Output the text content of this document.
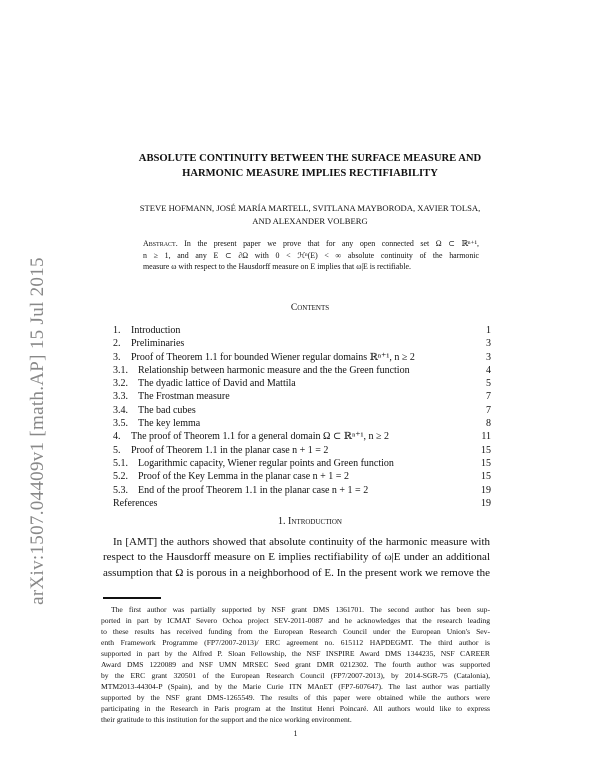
arXiv:1507.04409v1 [math.AP] 15 Jul 2015
ABSOLUTE CONTINUITY BETWEEN THE SURFACE MEASURE AND
HARMONIC MEASURE IMPLIES RECTIFIABILITY
STEVE HOFMANN, JOSÉ MARÍA MARTELL, SVITLANA MAYBORODA, XAVIER TOLSA,
AND ALEXANDER VOLBERG
Abstract. In the present paper we prove that for any open connected set Ω ⊂ ℝⁿ⁺¹,
n ≥ 1, and any E ⊂ ∂Ω with 0 < ℋⁿ(E) < ∞ absolute continuity of the harmonic
measure ω with respect to the Hausdorff measure on E implies that ω|E is rectifiable.
Contents
1. Introduction	1
2. Preliminaries	3
3. Proof of Theorem 1.1 for bounded Wiener regular domains ℝⁿ⁺¹, n ≥ 2	3
3.1. Relationship between harmonic measure and the the Green function	4
3.2. The dyadic lattice of David and Mattila	5
3.3. The Frostman measure	7
3.4. The bad cubes	7
3.5. The key lemma	8
4. The proof of Theorem 1.1 for a general domain Ω ⊂ ℝⁿ⁺¹, n ≥ 2	11
5. Proof of Theorem 1.1 in the planar case n + 1 = 2	15
5.1. Logarithmic capacity, Wiener regular points and Green function	15
5.2. Proof of the Key Lemma in the planar case n + 1 = 2	15
5.3. End of the proof Theorem 1.1 in the planar case n + 1 = 2	19
References	19
1. Introduction
In [AMT] the authors showed that absolute continuity of the harmonic measure with
respect to the Hausdorff measure on E implies rectifiability of ω|E under an additional
assumption that Ω is porous in a neighborhood of E. In the present work we remove the
The first author was partially supported by NSF grant DMS 1361701. The second author has been sup-
ported in part by ICMAT Severo Ochoa project SEV-2011-0087 and he acknowledges that the research leading
to these results has received funding from the European Research Council under the European Union's Sev-
enth Framework Programme (FP7/2007-2013)/ ERC agreement no. 615112 HAPDEGMT. The third author is
supported in part by the Alfred P. Sloan Fellowship, the NSF INSPIRE Award DMS 1344235, NSF CAREER
Award DMS 1220089 and NSF UMN MRSEC Seed grant DMR 0212302. The fourth author was supported
by the ERC grant 320501 of the European Research Council (FP7/2007-2013), by 2014-SGR-75 (Catalonia),
MTM2013-44304-P (Spain), and by the Marie Curie ITN MAnET (FP7-607647). The last author was partially
supported by the NSF grant DMS-1265549. The results of this paper were obtained while the authors were
participating in the Research in Paris program at the Institut Henri Poincaré. All authors would like to express
their gratitude to this institution for the support and the nice working environment.
1
